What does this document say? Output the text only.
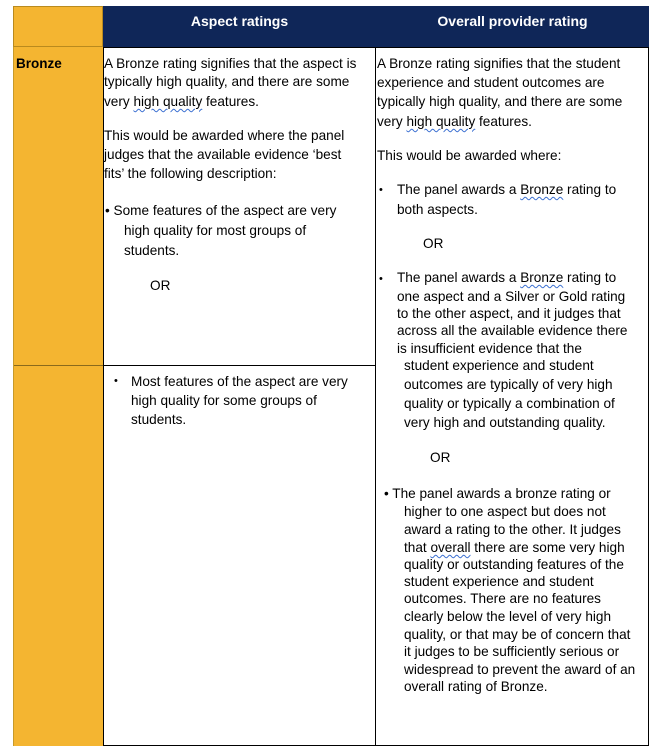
Aspect ratings	Overall provider rating
Bronze	A Bronze rating signifies that the aspect is
typically high quality, and there are some
very high quality features.
This would be awarded where the panel
judges that the available evidence ‘best
fits’ the following description:
• Some features of the aspect are very
high quality for most groups of
students.
OR
• Most features of the aspect are very
high quality for some groups of
students.
A Bronze rating signifies that the student
experience and student outcomes are
typically high quality, and there are some
very high quality features.
This would be awarded where:
• The panel awards a Bronze rating to
both aspects.
OR
• The panel awards a Bronze rating to
one aspect and a Silver or Gold rating
to the other aspect, and it judges that
across all the available evidence there
is insufficient evidence that the
student experience and student
outcomes are typically of very high
quality or typically a combination of
very high and outstanding quality.
OR
• The panel awards a bronze rating or
higher to one aspect but does not
award a rating to the other. It judges
that overall there are some very high
quality or outstanding features of the
student experience and student
outcomes. There are no features
clearly below the level of very high
quality, or that may be of concern that
it judges to be sufficiently serious or
widespread to prevent the award of an
overall rating of Bronze.
